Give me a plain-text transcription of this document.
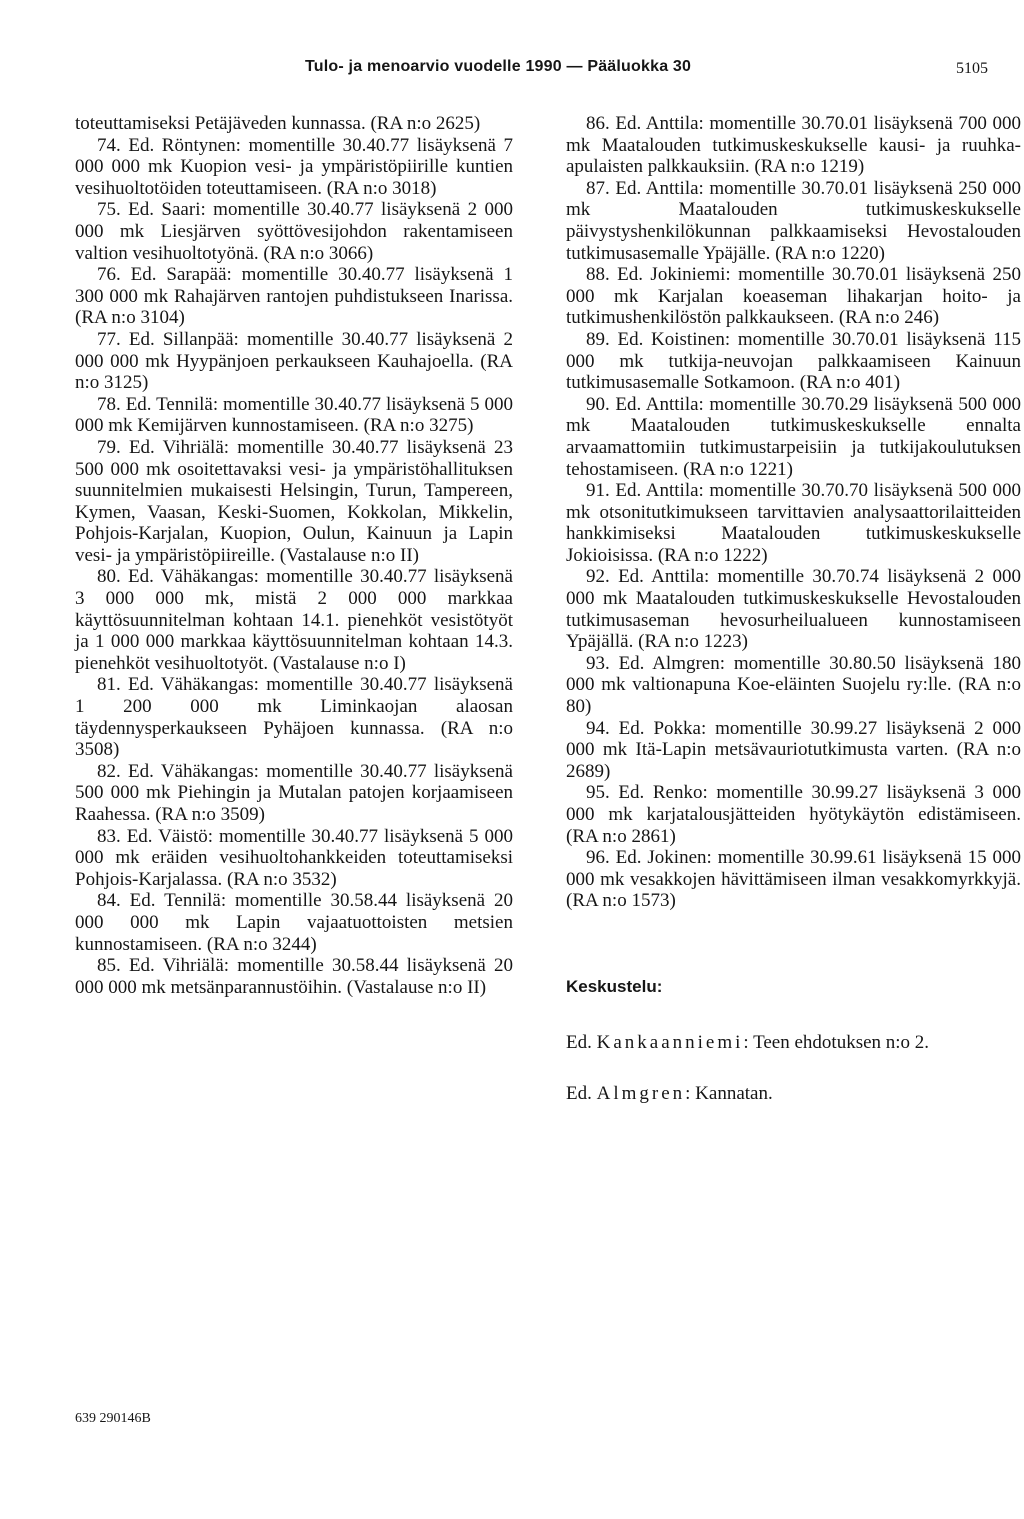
Tulo- ja menoarvio vuodelle 1990 — Pääluokka 30	5105

toteuttamiseksi Petäjäveden kunnassa. (RA n:o 2625)

74. Ed. Röntynen: momentille 30.40.77 lisäyksenä 7 000 000 mk Kuopion vesi- ja ympäristöpiirille kuntien vesihuoltotöiden toteuttamiseen. (RA n:o 3018)

75. Ed. Saari: momentille 30.40.77 lisäyksenä 2 000 000 mk Liesjärven syöttövesijohdon rakentamiseen valtion vesihuoltotyönä. (RA n:o 3066)

76. Ed. Sarapää: momentille 30.40.77 lisäyksenä 1 300 000 mk Rahajärven rantojen puhdistukseen Inarissa. (RA n:o 3104)

77. Ed. Sillanpää: momentille 30.40.77 lisäyksenä 2 000 000 mk Hyypänjoen perkaukseen Kauhajoella. (RA n:o 3125)

78. Ed. Tennilä: momentille 30.40.77 lisäyksenä 5 000 000 mk Kemijärven kunnostamiseen. (RA n:o 3275)

79. Ed. Vihriälä: momentille 30.40.77 lisäyksenä 23 500 000 mk osoitettavaksi vesi- ja ympäristöhallituksen suunnitelmien mukaisesti Helsingin, Turun, Tampereen, Kymen, Vaasan, Keski-Suomen, Kokkolan, Mikkelin, Pohjois-Karjalan, Kuopion, Oulun, Kainuun ja Lapin vesi- ja ympäristöpiireille. (Vastalause n:o II)

80. Ed. Vähäkangas: momentille 30.40.77 lisäyksenä 3 000 000 mk, mistä 2 000 000 markkaa käyttösuunnitelman kohtaan 14.1. pienehköt vesistötyöt ja 1 000 000 markkaa käyttösuunnitelman kohtaan 14.3. pienehköt vesihuoltotyöt. (Vastalause n:o I)

81. Ed. Vähäkangas: momentille 30.40.77 lisäyksenä 1 200 000 mk Liminkaojan alaosan täydennysperkaukseen Pyhäjoen kunnassa. (RA n:o 3508)

82. Ed. Vähäkangas: momentille 30.40.77 lisäyksenä 500 000 mk Piehingin ja Mutalan patojen korjaamiseen Raahessa. (RA n:o 3509)

83. Ed. Väistö: momentille 30.40.77 lisäyksenä 5 000 000 mk eräiden vesihuoltohankkeiden toteuttamiseksi Pohjois-Karjalassa. (RA n:o 3532)

84. Ed. Tennilä: momentille 30.58.44 lisäyksenä 20 000 000 mk Lapin vajaatuottoisten metsien kunnostamiseen. (RA n:o 3244)

85. Ed. Vihriälä: momentille 30.58.44 lisäyksenä 20 000 000 mk metsänparannustöihin. (Vastalause n:o II)

86. Ed. Anttila: momentille 30.70.01 lisäyksenä 700 000 mk Maatalouden tutkimuskeskukselle kausi- ja ruuhka-apulaisten palkkauksiin. (RA n:o 1219)

87. Ed. Anttila: momentille 30.70.01 lisäyksenä 250 000 mk Maatalouden tutkimuskeskukselle päivystyshenkilökunnan palkkaamiseksi Hevostalouden tutkimusasemalle Ypäjälle. (RA n:o 1220)

88. Ed. Jokiniemi: momentille 30.70.01 lisäyksenä 250 000 mk Karjalan koeaseman lihakarjan hoito- ja tutkimushenkilöstön palkkaukseen. (RA n:o 246)

89. Ed. Koistinen: momentille 30.70.01 lisäyksenä 115 000 mk tutkija-neuvojan palkkaamiseen Kainuun tutkimusasemalle Sotkamoon. (RA n:o 401)

90. Ed. Anttila: momentille 30.70.29 lisäyksenä 500 000 mk Maatalouden tutkimuskeskukselle ennalta arvaamattomiin tutkimustarpeisiin ja tutkijakoulutuksen tehostamiseen. (RA n:o 1221)

91. Ed. Anttila: momentille 30.70.70 lisäyksenä 500 000 mk otsonitutkimukseen tarvittavien analysaattorilaitteiden hankkimiseksi Maatalouden tutkimuskeskukselle Jokioisissa. (RA n:o 1222)

92. Ed. Anttila: momentille 30.70.74 lisäyksenä 2 000 000 mk Maatalouden tutkimuskeskukselle Hevostalouden tutkimusaseman hevosurheilualueen kunnostamiseen Ypäjällä. (RA n:o 1223)

93. Ed. Almgren: momentille 30.80.50 lisäyksenä 180 000 mk valtionapuna Koe-eläinten Suojelu ry:lle. (RA n:o 80)

94. Ed. Pokka: momentille 30.99.27 lisäyksenä 2 000 000 mk Itä-Lapin metsävauriotutkimusta varten. (RA n:o 2689)

95. Ed. Renko: momentille 30.99.27 lisäyksenä 3 000 000 mk karjatalousjätteiden hyötykäytön edistämiseen. (RA n:o 2861)

96. Ed. Jokinen: momentille 30.99.61 lisäyksenä 15 000 000 mk vesakkojen hävittämiseen ilman vesakkomyrkkyjä. (RA n:o 1573)

Keskustelu:

Ed. Kankaanniemi: Teen ehdotuksen n:o 2.

Ed. Almgren: Kannatan.

639 290146B
